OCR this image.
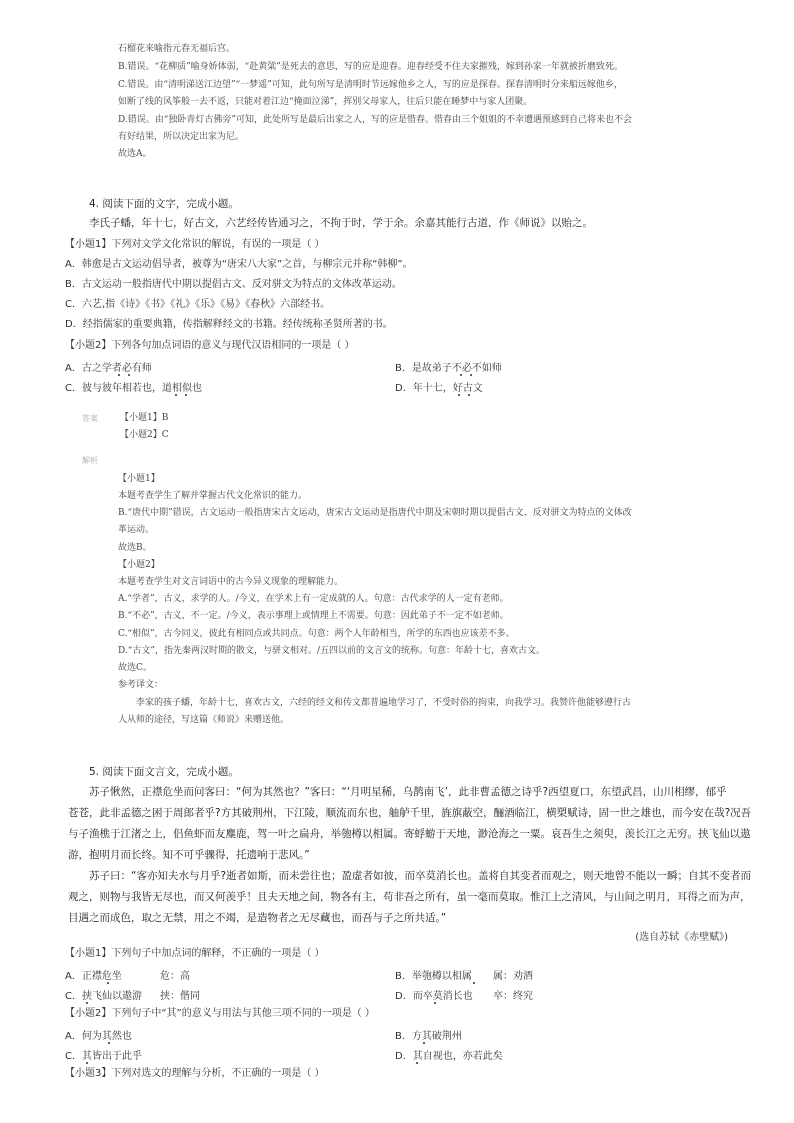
石榴花来喻指元春无福后宫。
B.错误。“花柳质”喻身娇体弱，“赴黄粱”是死去的意思，写的应是迎春。迎春经受不住夫家摧残，嫁到孙家一年就被折磨致死。
C.错误。由“清明涕送江边望”“一梦遥”可知，此句所写是清明时节远嫁他乡之人，写的应是探春。探春清明时分来船远嫁他乡，
如断了线的风筝般一去不返，只能对着江边“掩面泣涕”，挥别父母家人，往后只能在睡梦中与家人团聚。
D.错误。由“独卧青灯古佛旁”可知，此处所写是最后出家之人，写的应是惜春。惜春由三个姐姐的不幸遭遇预感到自己将来也不会
有好结果，所以决定出家为尼。
故选A。
4. 阅读下面的文字，完成小题。
李氏子蟠，年十七，好古文，六艺经传皆通习之，不拘于时，学于余。余嘉其能行古道，作《师说》以贻之。
【小题1】下列对文学文化常识的解说，有误的一项是（ ）
A．韩愈是古文运动倡导者，被尊为“唐宋八大家”之首，与柳宗元并称“韩柳”。
B．古文运动一般指唐代中期以提倡古文、反对骈文为特点的文体改革运动。
C．六艺,指《诗》《书》《礼》《乐》《易》《春秋》六部经书。
D．经指儒家的重要典籍，传指解释经文的书籍。经传统称圣贤所著的书。
【小题2】下列各句加点词语的意义与现代汉语相同的一项是（ ）
A．古之学者必有师	B．是故弟子不必不如师
C．彼与彼年相若也，道相似也	D．年十七，好古文
答案 【小题1】B
【小题2】C
解析
【小题1】
本题考查学生了解并掌握古代文化常识的能力。
B.“唐代中期”错误，古文运动一般指唐宋古文运动，唐宋古文运动是指唐代中期及宋朝时期以提倡古文、反对骈文为特点的文体改
革运动。
故选B。
【小题2】
本题考查学生对文言词语中的古今异义现象的理解能力。
A.“学者”，古义，求学的人。/今义，在学术上有一定成就的人。句意：古代求学的人一定有老师。
B.“不必”，古义，不一定。/今义，表示事理上或情理上不需要。句意：因此弟子不一定不如老师。
C.“相似”，古今同义，彼此有相同点或共同点。句意：两个人年龄相当，所学的东西也应该差不多。
D.“古文”，指先秦两汉时期的散文，与骈文相对。/五四以前的文言文的统称。句意：年龄十七，喜欢古文。
故选C。
参考译文：
李家的孩子蟠，年龄十七，喜欢古文，六经的经文和传文都普遍地学习了，不受时俗的拘束，向我学习。我赞许他能够遵行古
人从师的途径，写这篇《师说》来赠送他。
5. 阅读下面文言文，完成小题。
苏子愀然，正襟危坐而问客曰：“何为其然也？”客曰：“‘月明星稀，乌鹊南飞’，此非曹孟德之诗乎?西望夏口，东望武昌，山川相缪，郁乎
苍苍，此非孟德之困于周郎者乎?方其破荆州，下江陵，顺流而东也，舳舻千里，旌旗蔽空，酾酒临江，横槊赋诗，固一世之雄也，而今安在哉?况吾
与子渔樵于江渚之上，侣鱼虾而友麋鹿，驾一叶之扁舟，举匏樽以相属。寄蜉蝣于天地，渺沧海之一粟。哀吾生之须臾，羡长江之无穷。挟飞仙以遨
游，抱明月而长终。知不可乎骤得，托遗响于悲风。”
苏子曰：“客亦知夫水与月乎?逝者如斯，而未尝往也；盈虚者如彼，而卒莫消长也。盖将自其变者而观之，则天地曾不能以一瞬；自其不变者而
观之，则物与我皆无尽也，而又何羡乎！且夫天地之间，物各有主，苟非吾之所有，虽一毫而莫取。惟江上之清风，与山间之明月，耳得之而为声，
目遇之而成色，取之无禁，用之不竭，是造物者之无尽藏也，而吾与子之所共适。”
(选自苏轼《赤壁赋》)
【小题1】下列句子中加点词的解释，不正确的一项是（ ）
A．正襟危坐	危：高	B．举匏樽以相属 属：劝酒
C．挟飞仙以遨游 挟：偕同	D．而卒莫消长也 卒：终究
【小题2】下列句子中“其”的意义与用法与其他三项不同的一项是（ ）
A．何为其然也	B．方其破荆州
C．其皆出于此乎	D．其自视也，亦若此矣
【小题3】下列对选文的理解与分析，不正确的一项是（ ）
